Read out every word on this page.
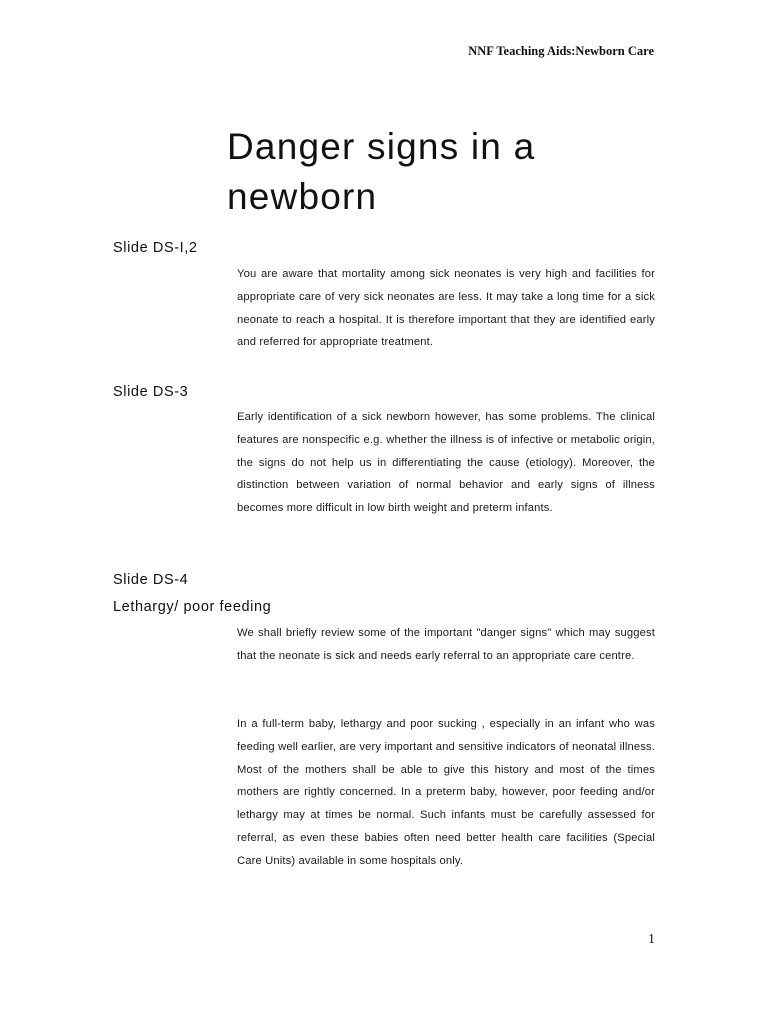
NNF Teaching Aids:Newborn Care
Danger signs in a newborn
Slide DS-I,2

You are aware that mortality among sick neonates is very high and facilities for appropriate care of very sick neonates are less. It may take a long time for a sick neonate to reach a hospital. It is therefore important that they are identified early and referred for appropriate treatment.

Slide DS-3

Early identification of a sick newborn however, has some problems. The clinical features are nonspecific e.g. whether the illness is of infective or metabolic origin, the signs do not help us in differentiating the cause (etiology). Moreover, the distinction between variation of normal behavior and early signs of illness becomes more difficult in low birth weight and preterm infants.

Slide DS-4
Lethargy/ poor feeding

We shall briefly review some of the important "danger signs" which may suggest that the neonate is sick and needs early referral to an appropriate care centre.

In a full-term baby, lethargy and poor sucking , especially in an infant who was feeding well earlier, are very important and sensitive indicators of neonatal illness. Most of the mothers shall be able to give this history and most of the times mothers are rightly concerned. In a preterm baby, however, poor feeding and/or lethargy may at times be normal. Such infants must be carefully assessed for referral, as even these babies often need better health care facilities (Special Care Units) available in some hospitals only.

1
